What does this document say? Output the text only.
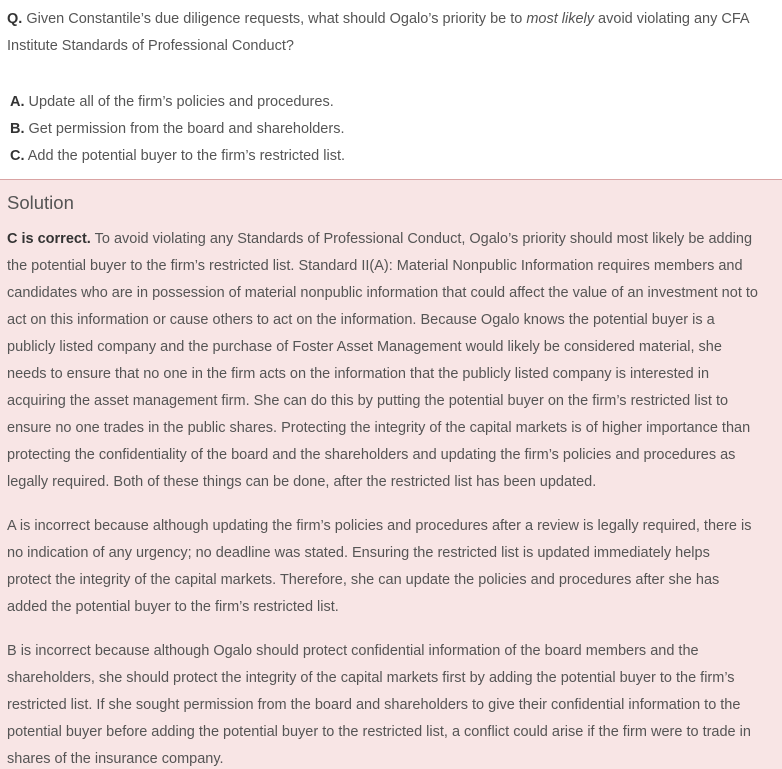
Q. Given Constantile’s due diligence requests, what should Ogalo’s priority be to most likely avoid violating any CFA
Institute Standards of Professional Conduct?
A. Update all of the firm’s policies and procedures.
B. Get permission from the board and shareholders.
C. Add the potential buyer to the firm’s restricted list.
Solution
C is correct. To avoid violating any Standards of Professional Conduct, Ogalo’s priority should most likely be adding
the potential buyer to the firm’s restricted list. Standard II(A): Material Nonpublic Information requires members and
candidates who are in possession of material nonpublic information that could affect the value of an investment not to
act on this information or cause others to act on the information. Because Ogalo knows the potential buyer is a
publicly listed company and the purchase of Foster Asset Management would likely be considered material, she
needs to ensure that no one in the firm acts on the information that the publicly listed company is interested in
acquiring the asset management firm. She can do this by putting the potential buyer on the firm’s restricted list to
ensure no one trades in the public shares. Protecting the integrity of the capital markets is of higher importance than
protecting the confidentiality of the board and the shareholders and updating the firm’s policies and procedures as
legally required. Both of these things can be done, after the restricted list has been updated.
A is incorrect because although updating the firm’s policies and procedures after a review is legally required, there is
no indication of any urgency; no deadline was stated. Ensuring the restricted list is updated immediately helps
protect the integrity of the capital markets. Therefore, she can update the policies and procedures after she has
added the potential buyer to the firm’s restricted list.
B is incorrect because although Ogalo should protect confidential information of the board members and the
shareholders, she should protect the integrity of the capital markets first by adding the potential buyer to the firm’s
restricted list. If she sought permission from the board and shareholders to give their confidential information to the
potential buyer before adding the potential buyer to the restricted list, a conflict could arise if the firm were to trade in
shares of the insurance company.
